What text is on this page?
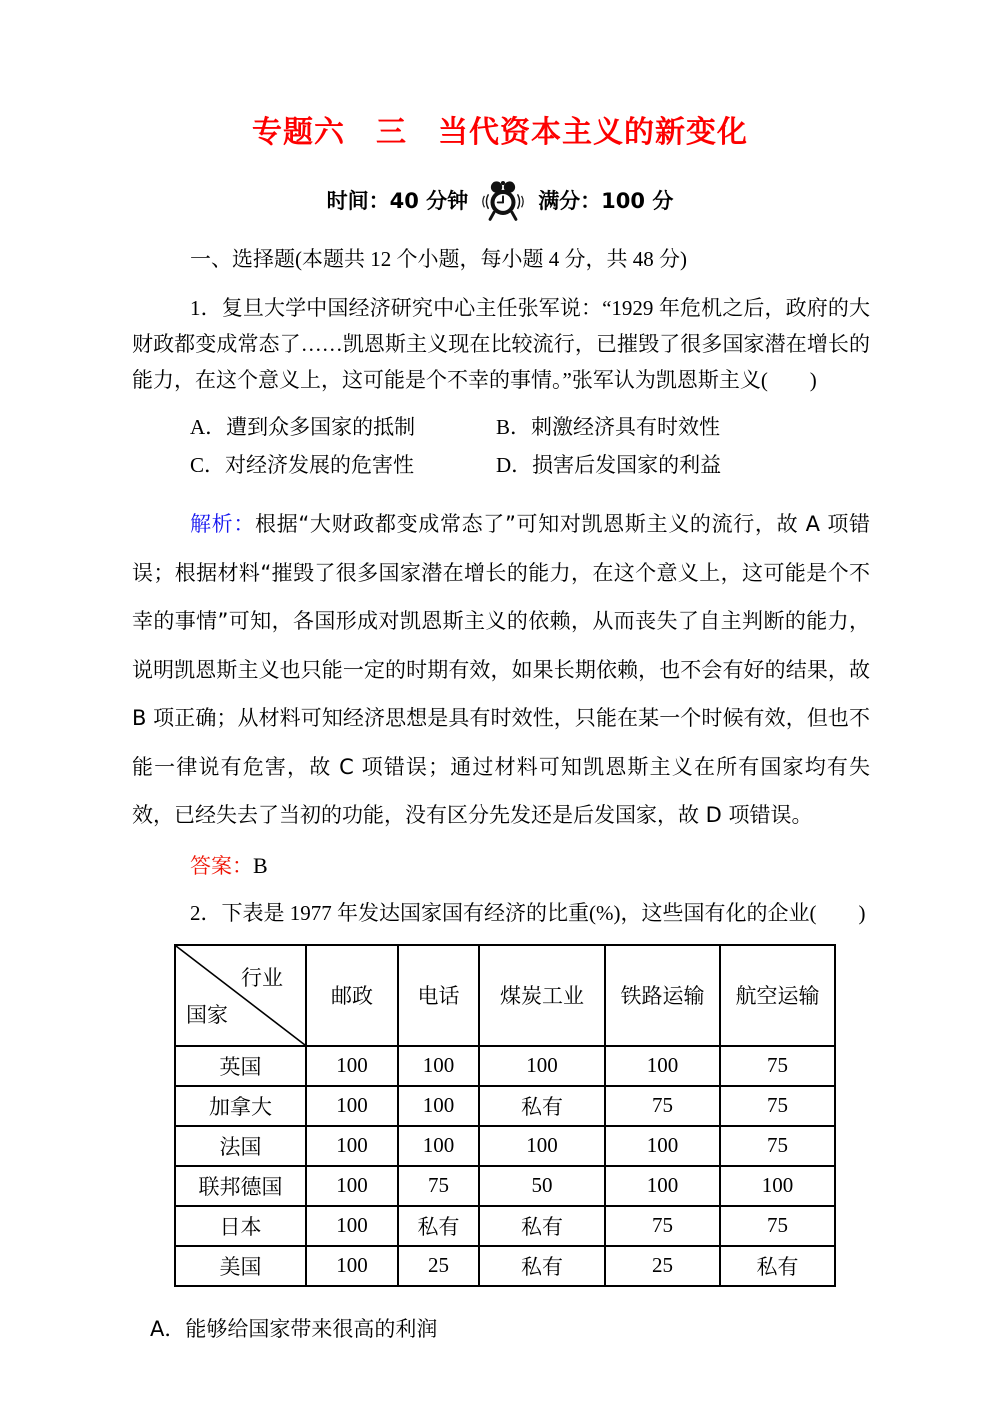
专题六　三　当代资本主义的新变化
时间：40 分钟	满分：100 分
一、选择题(本题共 12 个小题，每小题 4 分，共 48 分)

1．复旦大学中国经济研究中心主任张军说：“1929 年危机之后，政府的大财政都变成常态了……凯恩斯主义现在比较流行，已摧毁了很多国家潜在增长的能力，在这个意义上，这可能是个不幸的事情。”张军认为凯恩斯主义(　　)

A．遭到众多国家的抵制	B．刺激经济具有时效性
C．对经济发展的危害性	D．损害后发国家的利益

解析：根据“大财政都变成常态了”可知对凯恩斯主义的流行，故 A 项错误；根据材料“摧毁了很多国家潜在增长的能力，在这个意义上，这可能是个不幸的事情”可知，各国形成对凯恩斯主义的依赖，从而丧失了自主判断的能力，说明凯恩斯主义也只能一定的时期有效，如果长期依赖，也不会有好的结果，故 B 项正确；从材料可知经济思想是具有时效性，只能在某一个时候有效，但也不能一律说有危害，故 C 项错误；通过材料可知凯恩斯主义在所有国家均有失效，已经失去了当初的功能，没有区分先发还是后发国家，故 D 项错误。

答案：B

2．下表是 1977 年发达国家国有经济的比重(%)，这些国有化的企业(　　)

行业
国家	邮政	电话	煤炭工业	铁路运输	航空运输
英国	100	100	100	100	75
加拿大	100	100	私有	75	75
法国	100	100	100	100	75
联邦德国	100	75	50	100	100
日本	100	私有	私有	75	75
美国	100	25	私有	25	私有

A．能够给国家带来很高的利润
